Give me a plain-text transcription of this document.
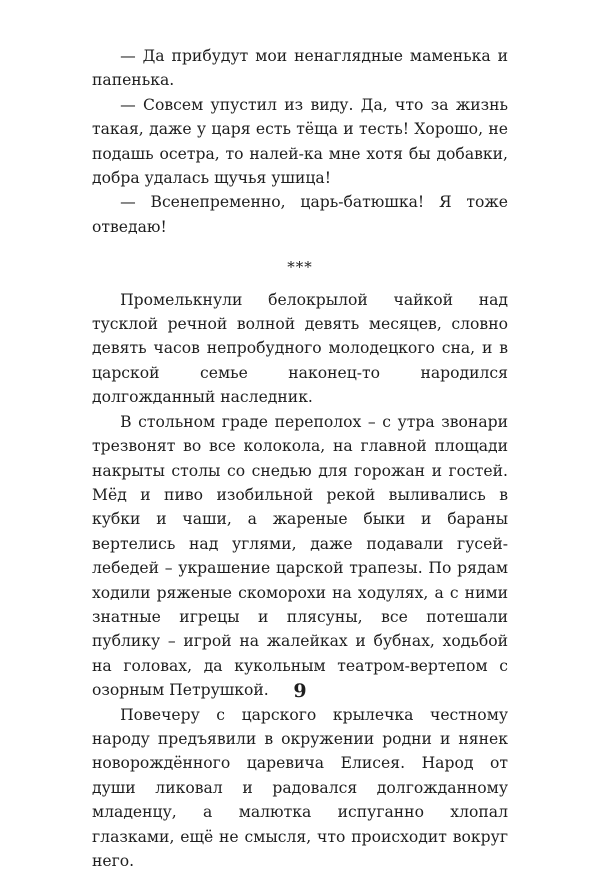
— Да прибудут мои ненаглядные маменька и папенька.

— Совсем упустил из виду. Да, что за жизнь такая, даже у царя есть тёща и тесть! Хорошо, не подашь осетра, то налей-ка мне хотя бы добавки, добра удалась щучья ушица!

— Всенепременно, царь-батюшка! Я тоже отведаю!

***

Промелькнули белокрылой чайкой над тусклой речной волной девять месяцев, словно девять часов непробудного молодецкого сна, и в царской семье наконец-то народился долгожданный наследник.

В стольном граде переполох – с утра звонари трезвонят во все колокола, на главной площади накрыты столы со снедью для горожан и гостей. Мёд и пиво изобильной рекой выливались в кубки и чаши, а жареные быки и бараны вертелись над углями, даже подавали гусей-лебедей – украшение царской трапезы. По рядам ходили ряженые скоморохи на ходулях, а с ними знатные игрецы и плясуны, все потешали публику – игрой на жалейках и бубнах, ходьбой на головах, да кукольным театром-вертепом с озорным Петрушкой.

Повечеру с царского крылечка честному народу предъявили в окружении родни и нянек новорождённого царевича Елисея. Народ от души ликовал и радовался долгожданному младенцу, а малютка испуганно хлопал глазками, ещё не смысля, что происходит вокруг него.

9
